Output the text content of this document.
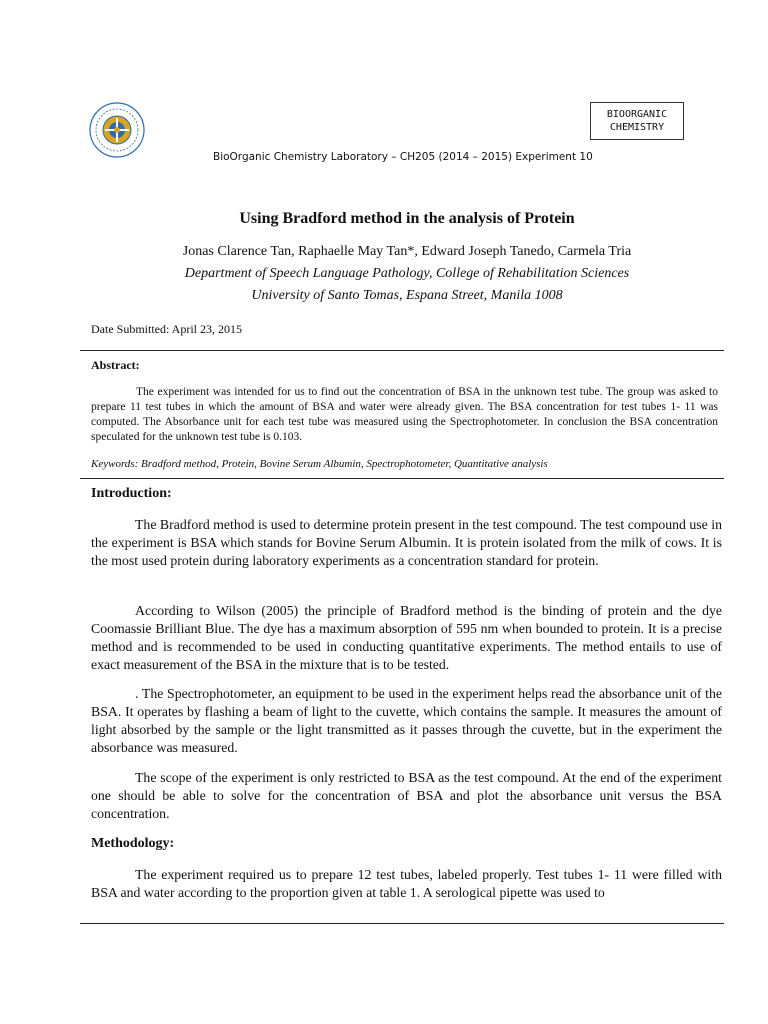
BIOORGANIC
CHEMISTRY
BioOrganic Chemistry Laboratory – CH205 (2014 – 2015) Experiment 10
Using Bradford method in the analysis of Protein
Jonas Clarence Tan, Raphaelle May Tan*, Edward Joseph Tanedo, Carmela Tria
Department of Speech Language Pathology, College of Rehabilitation Sciences
University of Santo Tomas, Espana Street, Manila 1008
Date Submitted: April 23, 2015
Abstract:
The experiment was intended for us to find out the concentration of BSA in the unknown test tube. The group was asked to prepare 11 test tubes in which the amount of BSA and water were already given. The BSA concentration for test tubes 1- 11 was computed. The Absorbance unit for each test tube was measured using the Spectrophotometer. In conclusion the BSA concentration speculated for the unknown test tube is 0.103.
Keywords: Bradford method, Protein, Bovine Serum Albumin, Spectrophotometer, Quantitative analysis
Introduction:
The Bradford method is used to determine protein present in the test compound. The test compound use in the experiment is BSA which stands for Bovine Serum Albumin. It is protein isolated from the milk of cows. It is the most used protein during laboratory experiments as a concentration standard for protein.
According to Wilson (2005) the principle of Bradford method is the binding of protein and the dye Coomassie Brilliant Blue. The dye has a maximum absorption of 595 nm when bounded to protein. It is a precise method and is recommended to be used in conducting quantitative experiments. The method entails to use of exact measurement of the BSA in the mixture that is to be tested.
. The Spectrophotometer, an equipment to be used in the experiment helps read the absorbance unit of the BSA. It operates by flashing a beam of light to the cuvette, which contains the sample. It measures the amount of light absorbed by the sample or the light transmitted as it passes through the cuvette, but in the experiment the absorbance was measured.
The scope of the experiment is only restricted to BSA as the test compound. At the end of the experiment one should be able to solve for the concentration of BSA and plot the absorbance unit versus the BSA concentration.
Methodology:
The experiment required us to prepare 12 test tubes, labeled properly. Test tubes 1- 11 were filled with BSA and water according to the proportion given at table 1. A serological pipette was used to
